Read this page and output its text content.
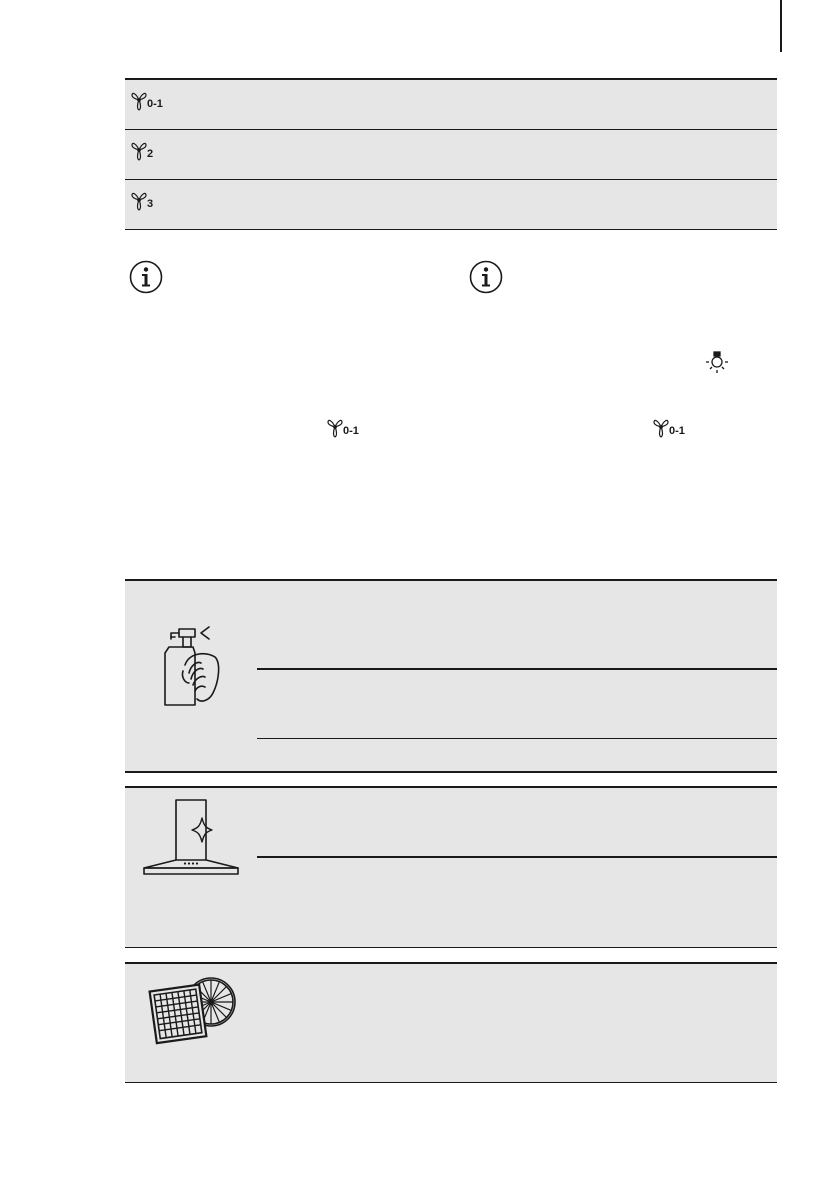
0-1
2
3
0-1	0-1
